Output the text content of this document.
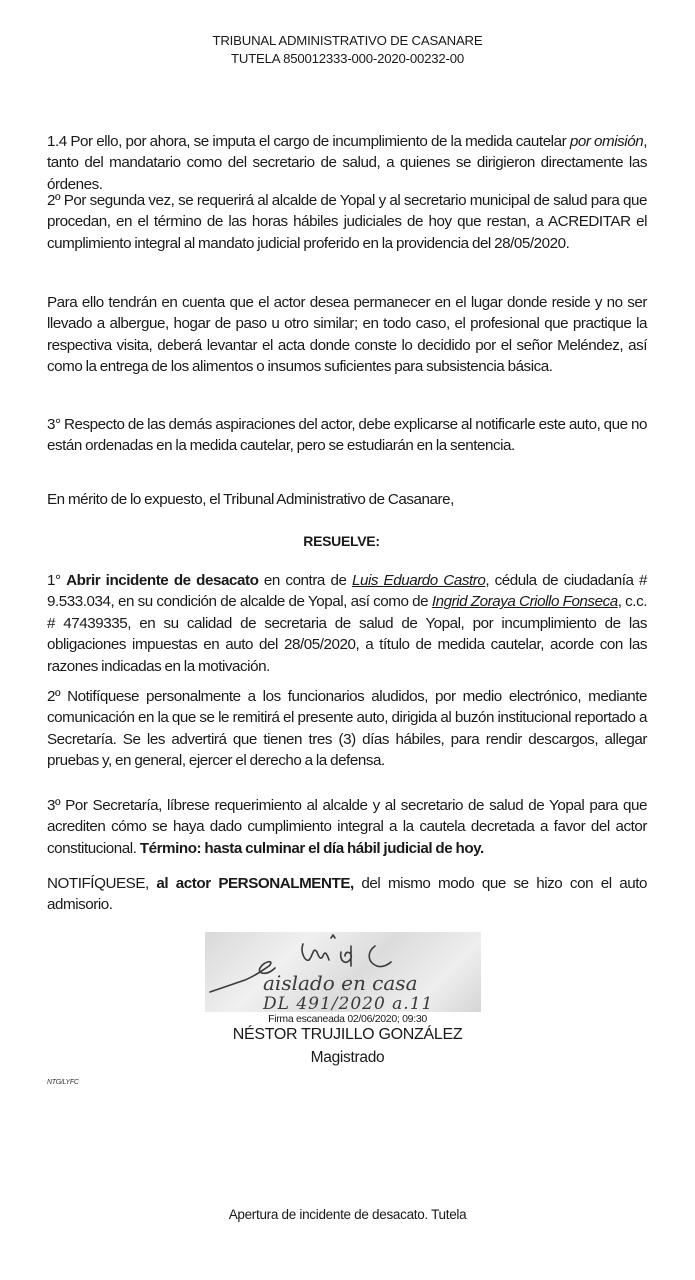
TRIBUNAL ADMINISTRATIVO DE CASANARE
TUTELA 850012333-000-2020-00232-00
1.4 Por ello, por ahora, se imputa el cargo de incumplimiento de la medida cautelar por omisión, tanto del mandatario como del secretario de salud, a quienes se dirigieron directamente las órdenes.
2º Por segunda vez, se requerirá al alcalde de Yopal y al secretario municipal de salud para que procedan, en el término de las horas hábiles judiciales de hoy que restan, a ACREDITAR el cumplimiento integral al mandato judicial proferido en la providencia del 28/05/2020.
Para ello tendrán en cuenta que el actor desea permanecer en el lugar donde reside y no ser llevado a albergue, hogar de paso u otro similar; en todo caso, el profesional que practique la respectiva visita, deberá levantar el acta donde conste lo decidido por el señor Meléndez, así como la entrega de los alimentos o insumos suficientes para subsistencia básica.
3° Respecto de las demás aspiraciones del actor, debe explicarse al notificarle este auto, que no están ordenadas en la medida cautelar, pero se estudiarán en la sentencia.
En mérito de lo expuesto, el Tribunal Administrativo de Casanare,
RESUELVE:
1° Abrir incidente de desacato en contra de Luis Eduardo Castro, cédula de ciudadanía # 9.533.034, en su condición de alcalde de Yopal, así como de Ingrid Zoraya Criollo Fonseca, c.c. # 47439335, en su calidad de secretaria de salud de Yopal, por incumplimiento de las obligaciones impuestas en auto del 28/05/2020, a título de medida cautelar, acorde con las razones indicadas en la motivación.
2º Notifíquese personalmente a los funcionarios aludidos, por medio electrónico, mediante comunicación en la que se le remitirá el presente auto, dirigida al buzón institucional reportado a Secretaría. Se les advertirá que tienen tres (3) días hábiles, para rendir descargos, allegar pruebas y, en general, ejercer el derecho a la defensa.
3º Por Secretaría, líbrese requerimiento al alcalde y al secretario de salud de Yopal para que acrediten cómo se haya dado cumplimiento integral a la cautela decretada a favor del actor constitucional. Término: hasta culminar el día hábil judicial de hoy.
NOTIFÍQUESE, al actor PERSONALMENTE, del mismo modo que se hizo con el auto admisorio.
aislado en casa
DL 491/2020 a.11
Firma escaneada 02/06/2020; 09:30
NÉSTOR TRUJILLO GONZÁLEZ
Magistrado
NTG/LYFC
Apertura de incidente de desacato. Tutela
